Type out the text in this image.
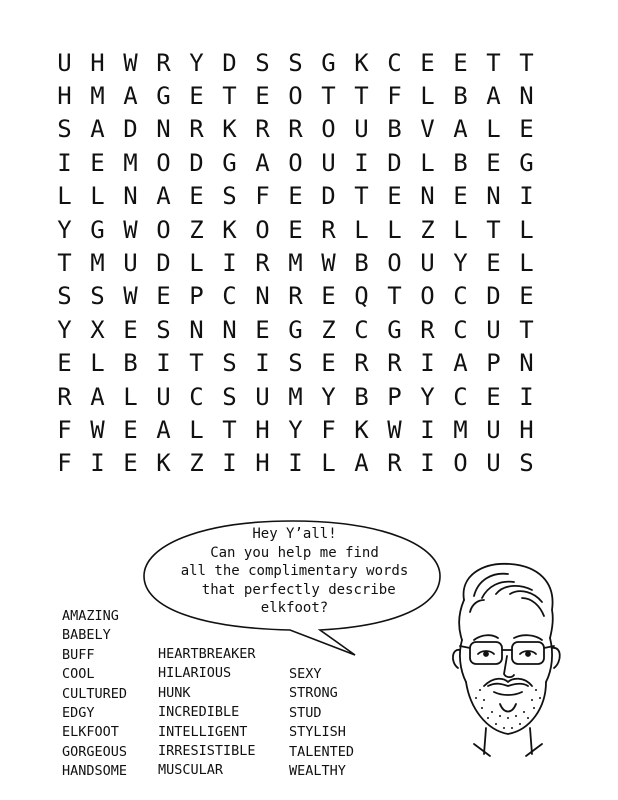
U H W R Y D S S G K C E E T T
H M A G E T E O T T F L B A N
S A D N R K R R O U B V A L E
I E M O D G A O U I D L B E G
L L N A E S F E D T E N E N I
Y G W O Z K O E R L L Z L T L
T M U D L I R M W B O U Y E L
S S W E P C N R E Q T O C D E
Y X E S N N E G Z C G R C U T
E L B I T S I S E R R I A P N
R A L U C S U M Y B P Y C E I
F W E A L T H Y F K W I M U H
F I E K Z I H I L A R I O U S
Hey Y’all!
Can you help me find
all the complimentary words
that perfectly describe
elkfoot?
AMAZING
BABELY
BUFF
COOL
CULTURED
EDGY
ELKFOOT
GORGEOUS
HANDSOME
HEARTBREAKER
HILARIOUS
HUNK
INCREDIBLE
INTELLIGENT
IRRESISTIBLE
MUSCULAR
SEXY
STRONG
STUD
STYLISH
TALENTED
WEALTHY
